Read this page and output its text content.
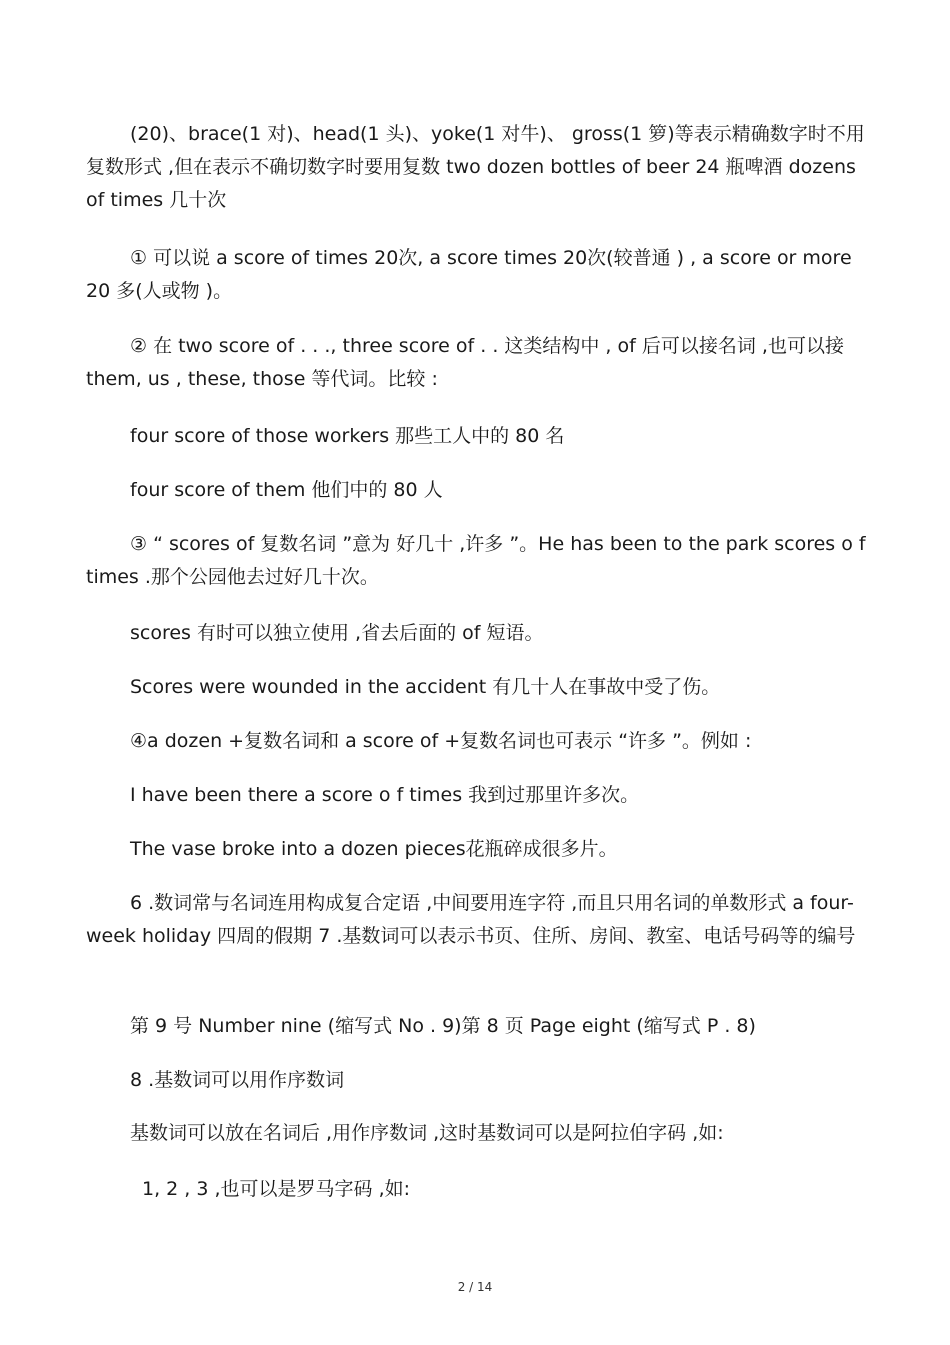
(20)、brace(1 对)、head(1 头)、yoke(1 对牛)、 gross(1 箩)等表示精确数字时不用复数形式 ,但在表示不确切数字时要用复数 two dozen bottles of beer 24 瓶啤酒 dozens of times 几十次

① 可以说 a score of times 20次, a score times 20次(较普通 ) , a score or more 20 多(人或物 )。

② 在 two score of . . ., three score of . . 这类结构中 , of 后可以接名词 ,也可以接 them, us , these, those 等代词。比较 :

four score of those workers 那些工人中的 80 名

four score of them 他们中的 80 人

③ “ scores of 复数名词 ”意为 好几十 ,许多 ”。He has been to the park scores o f times .那个公园他去过好几十次。

scores 有时可以独立使用 ,省去后面的 of 短语。

Scores were wounded in the accident 有几十人在事故中受了伤。

④a dozen +复数名词和 a score of +复数名词也可表示 “许多 ”。例如 :

I have been there a score o f times 我到过那里许多次。

The vase broke into a dozen pieces花瓶碎成很多片。

6 .数词常与名词连用构成复合定语 ,中间要用连字符 ,而且只用名词的单数形式 a four-week holiday 四周的假期 7 .基数词可以表示书页、住所、房间、教室、电话号码等的编号

第 9 号 Number nine (缩写式 No . 9)第 8 页 Page eight (缩写式 P . 8)

8 .基数词可以用作序数词

基数词可以放在名词后 ,用作序数词 ,这时基数词可以是阿拉伯字码 ,如:

1, 2 , 3 ,也可以是罗马字码 ,如:

2 / 14
